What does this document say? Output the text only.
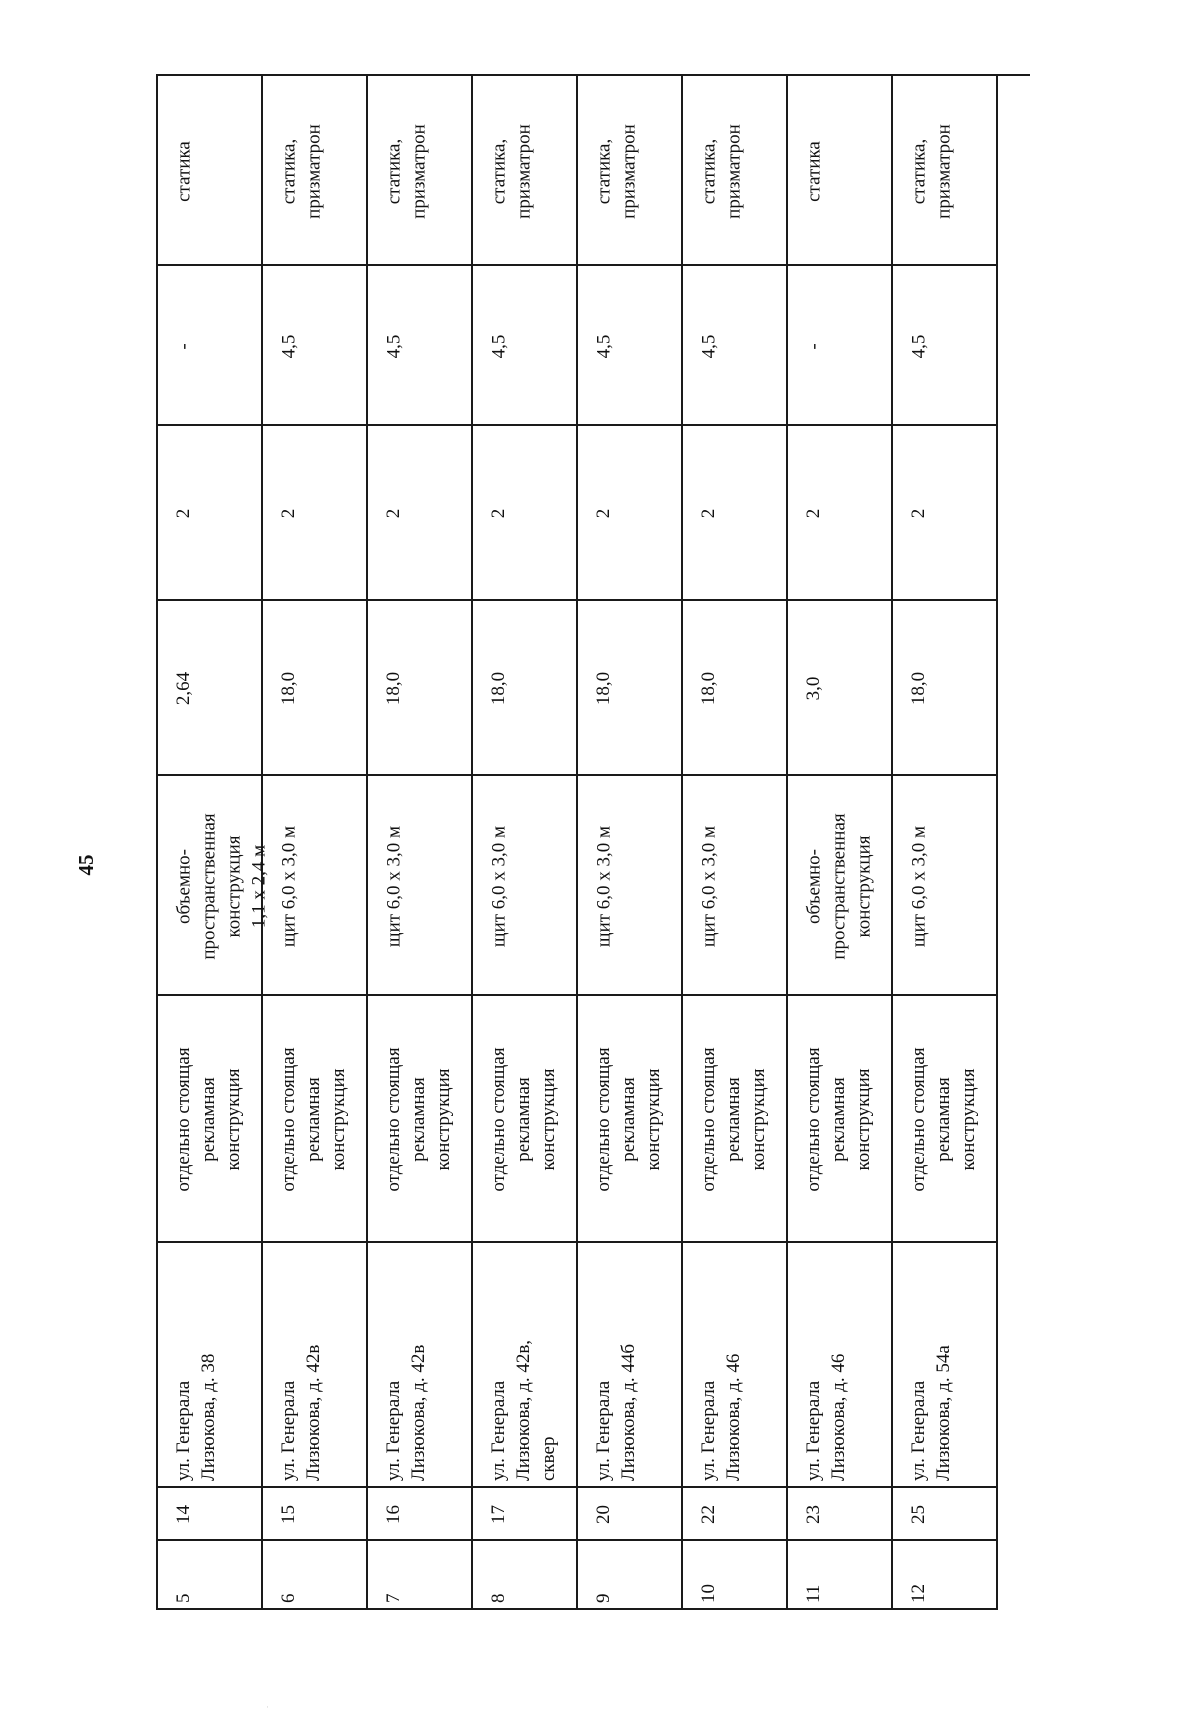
45
статика
-
2
2,64
объемно-
пространственная
конструкция
1,1 х 2,4 м
отдельно стоящая
рекламная
конструкция
ул. Генерала
Лизюкова, д. 38
14
5
статика,
призматрон
4,5
2
18,0
щит 6,0 х 3,0 м
отдельно стоящая
рекламная
конструкция
ул. Генерала
Лизюкова, д. 42в
15
6
статика,
призматрон
4,5
2
18,0
щит 6,0 х 3,0 м
отдельно стоящая
рекламная
конструкция
ул. Генерала
Лизюкова, д. 42в
16
7
статика,
призматрон
4,5
2
18,0
щит 6,0 х 3,0 м
отдельно стоящая
рекламная
конструкция
ул. Генерала
Лизюкова, д. 42в,
сквер
17
8
статика,
призматрон
4,5
2
18,0
щит 6,0 х 3,0 м
отдельно стоящая
рекламная
конструкция
ул. Генерала
Лизюкова, д. 44б
20
9
статика,
призматрон
4,5
2
18,0
щит 6,0 х 3,0 м
отдельно стоящая
рекламная
конструкция
ул. Генерала
Лизюкова, д. 46
22
10
статика
-
2
3,0
объемно-
пространственная
конструкция
отдельно стоящая
рекламная
конструкция
ул. Генерала
Лизюкова, д. 46
23
11
статика,
призматрон
4,5
2
18,0
щит 6,0 х 3,0 м
отдельно стоящая
рекламная
конструкция
ул. Генерала
Лизюкова, д. 54а
25
12
·
